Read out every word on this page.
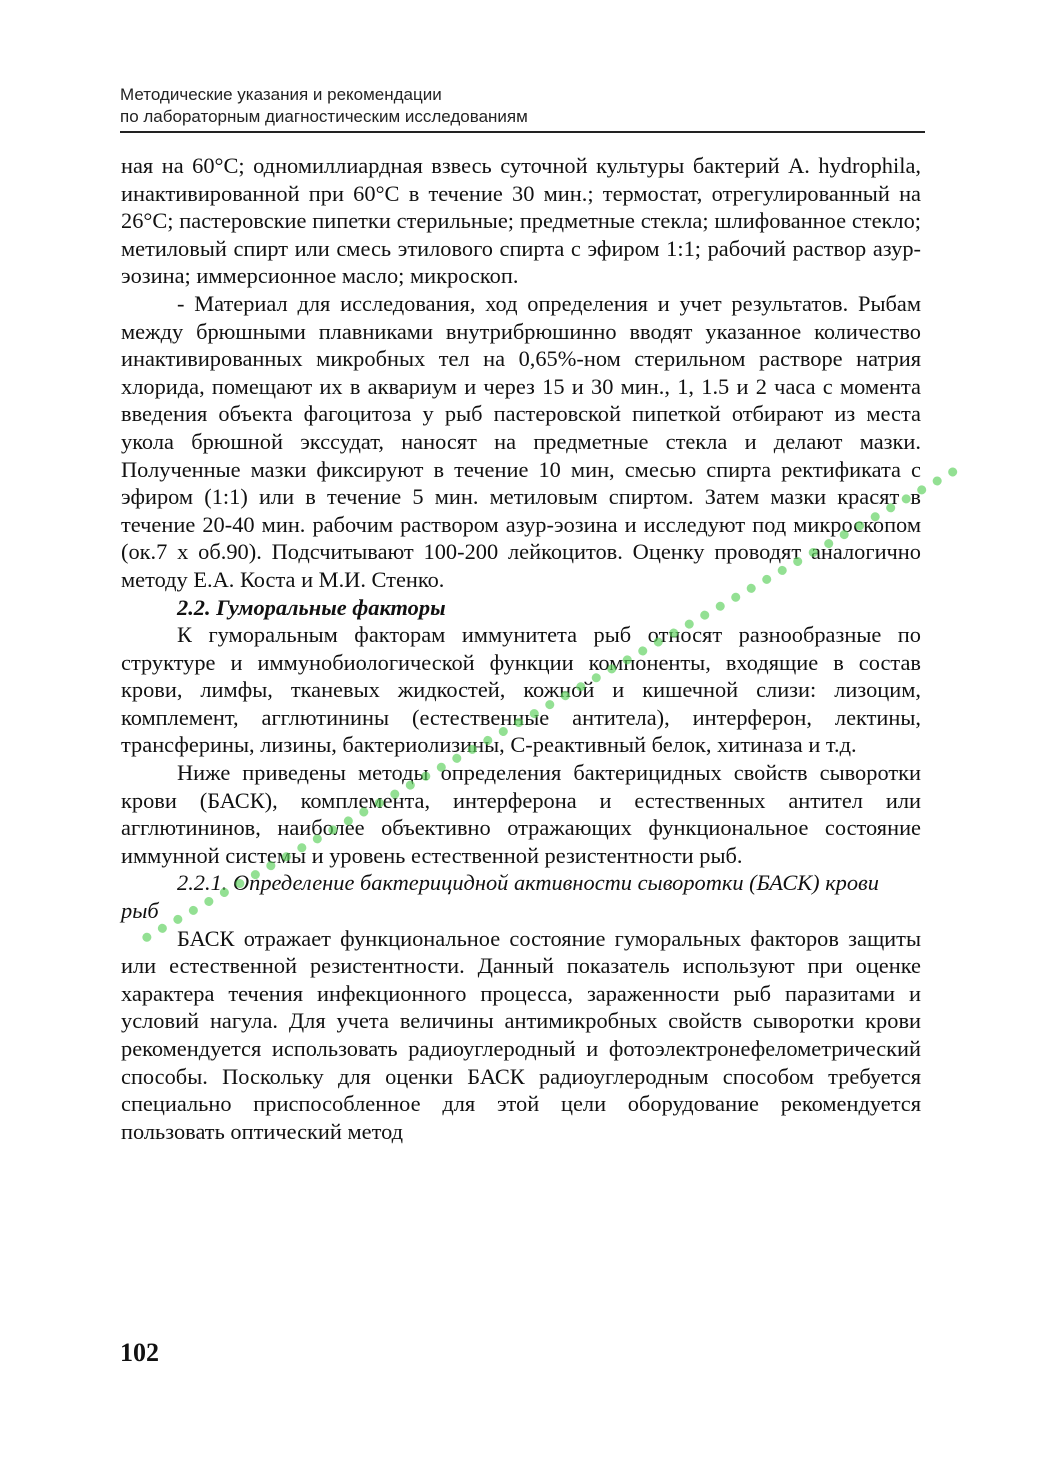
Методические указания и рекомендации
по лабораторным диагностическим исследованиям

ная на 60°С; одномиллиардная взвесь суточной культуры бактерий A. hydrophila, инактивированной при 60°С в течение 30 мин.; термостат, отрегулированный на 26°С; пастеровские пипетки стерильные; предметные стекла; шлифованное стекло; метиловый спирт или смесь этилового спирта с эфиром 1:1; рабочий раствор азур-эозина; иммерсионное масло; микроскоп.

- Материал для исследования, ход определения и учет результатов. Рыбам между брюшными плавниками внутрибрюшинно вводят указанное количество инактивированных микробных тел на 0,65%-ном стерильном растворе натрия хлорида, помещают их в аквариум и через 15 и 30 мин., 1, 1.5 и 2 часа с момента введения объекта фагоцитоза у рыб пастеровской пипеткой отбирают из места укола брюшной экссудат, наносят на предметные стекла и делают мазки. Полученные мазки фиксируют в течение 10 мин, смесью спирта ректификата с эфиром (1:1) или в течение 5 мин. метиловым спиртом. Затем мазки красят в течение 20-40 мин. рабочим раствором азур-эозина и исследуют под микроскопом (ок.7 х об.90). Подсчитывают 100-200 лейкоцитов. Оценку проводят аналогично методу Е.А. Коста и М.И. Стенко.

2.2. Гуморальные факторы

К гуморальным факторам иммунитета рыб относят разнообразные по структуре и иммунобиологической функции компоненты, входящие в состав крови, лимфы, тканевых жидкостей, кожной и кишечной слизи: лизоцим, комплемент, агглютинины (естественные антитела), интерферон, лектины, трансферины, лизины, бактериолизины, С-реактивный белок, хитиназа и т.д.

Ниже приведены методы определения бактерицидных свойств сыворотки крови (БАСК), комплемента, интерферона и естественных антител или агглютининов, наиболее объективно отражающих функциональное состояние иммунной системы и уровень естественной резистентности рыб.

2.2.1. Определение бактерицидной активности сыворотки (БАСК) крови рыб

БАСК отражает функциональное состояние гуморальных факторов защиты или естественной резистентности. Данный показатель используют при оценке характера течения инфекционного процесса, зараженности рыб паразитами и условий нагула. Для учета величины антимикробных свойств сыворотки крови рекомендуется использовать радиоуглеродный и фотоэлектронефелометрический способы. Поскольку для оценки БАСК радиоуглеродным способом требуется специально приспособленное для этой цели оборудование рекомендуется пользовать оптический метод

102
